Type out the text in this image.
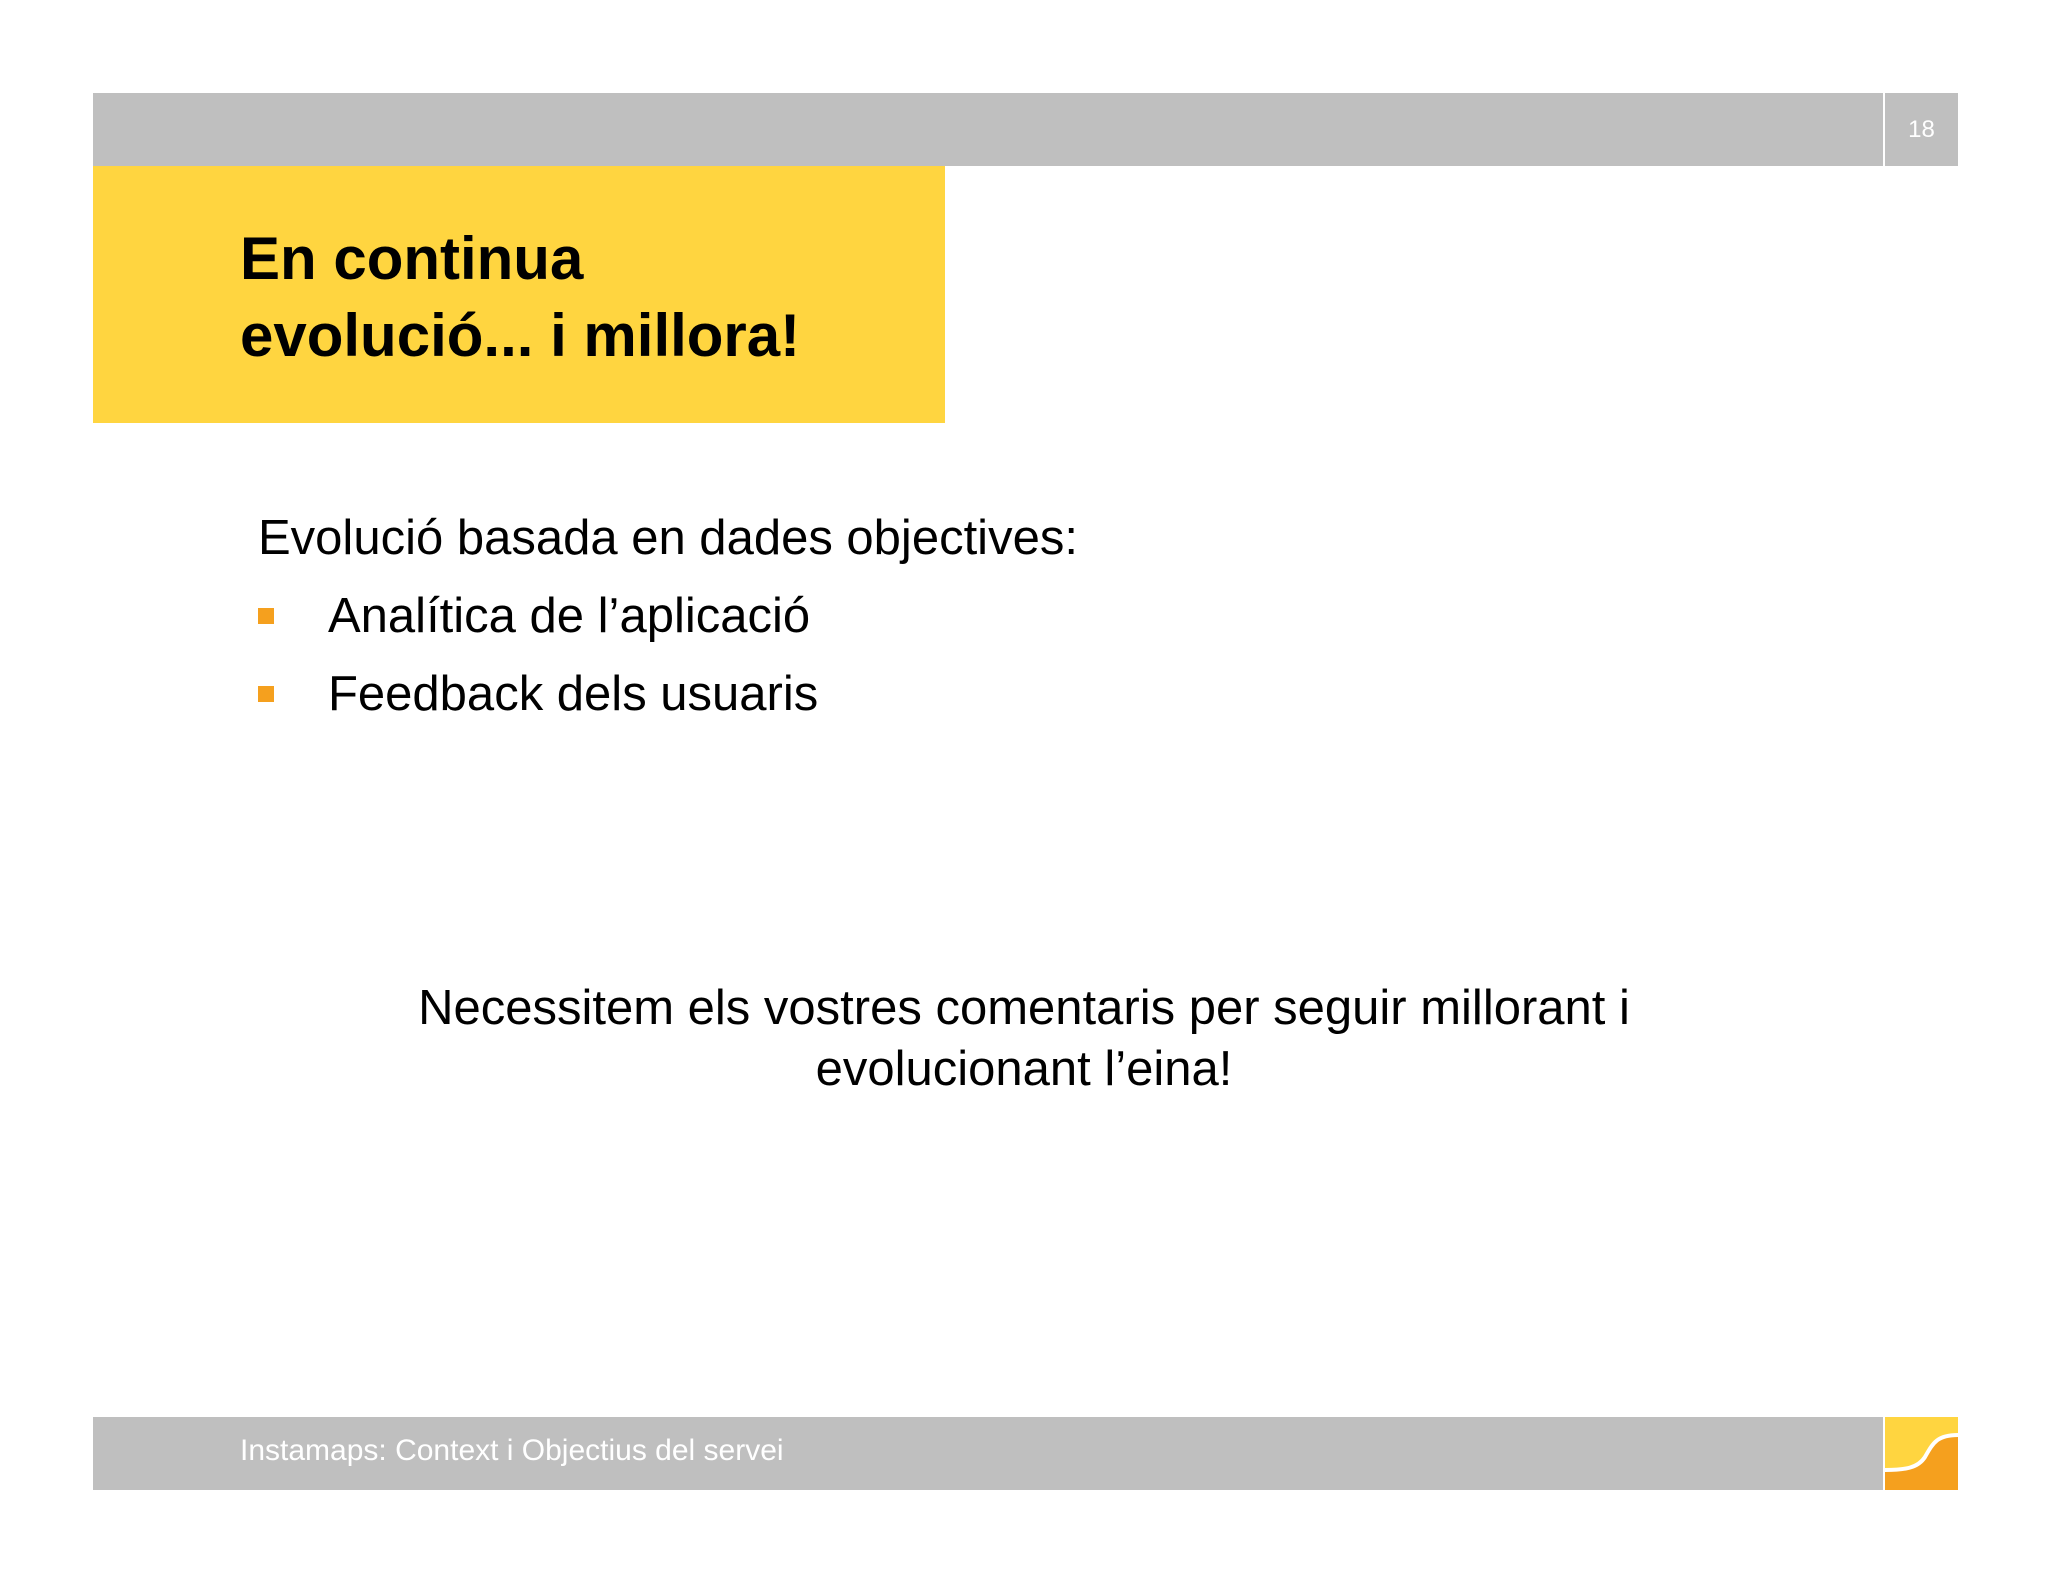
18
En continua
evolució... i millora!
Evolució basada en dades objectives:
Analítica de l’aplicació
Feedback dels usuaris
Necessitem els vostres comentaris per seguir millorant i
evolucionant l’eina!
Instamaps: Context i Objectius del servei
